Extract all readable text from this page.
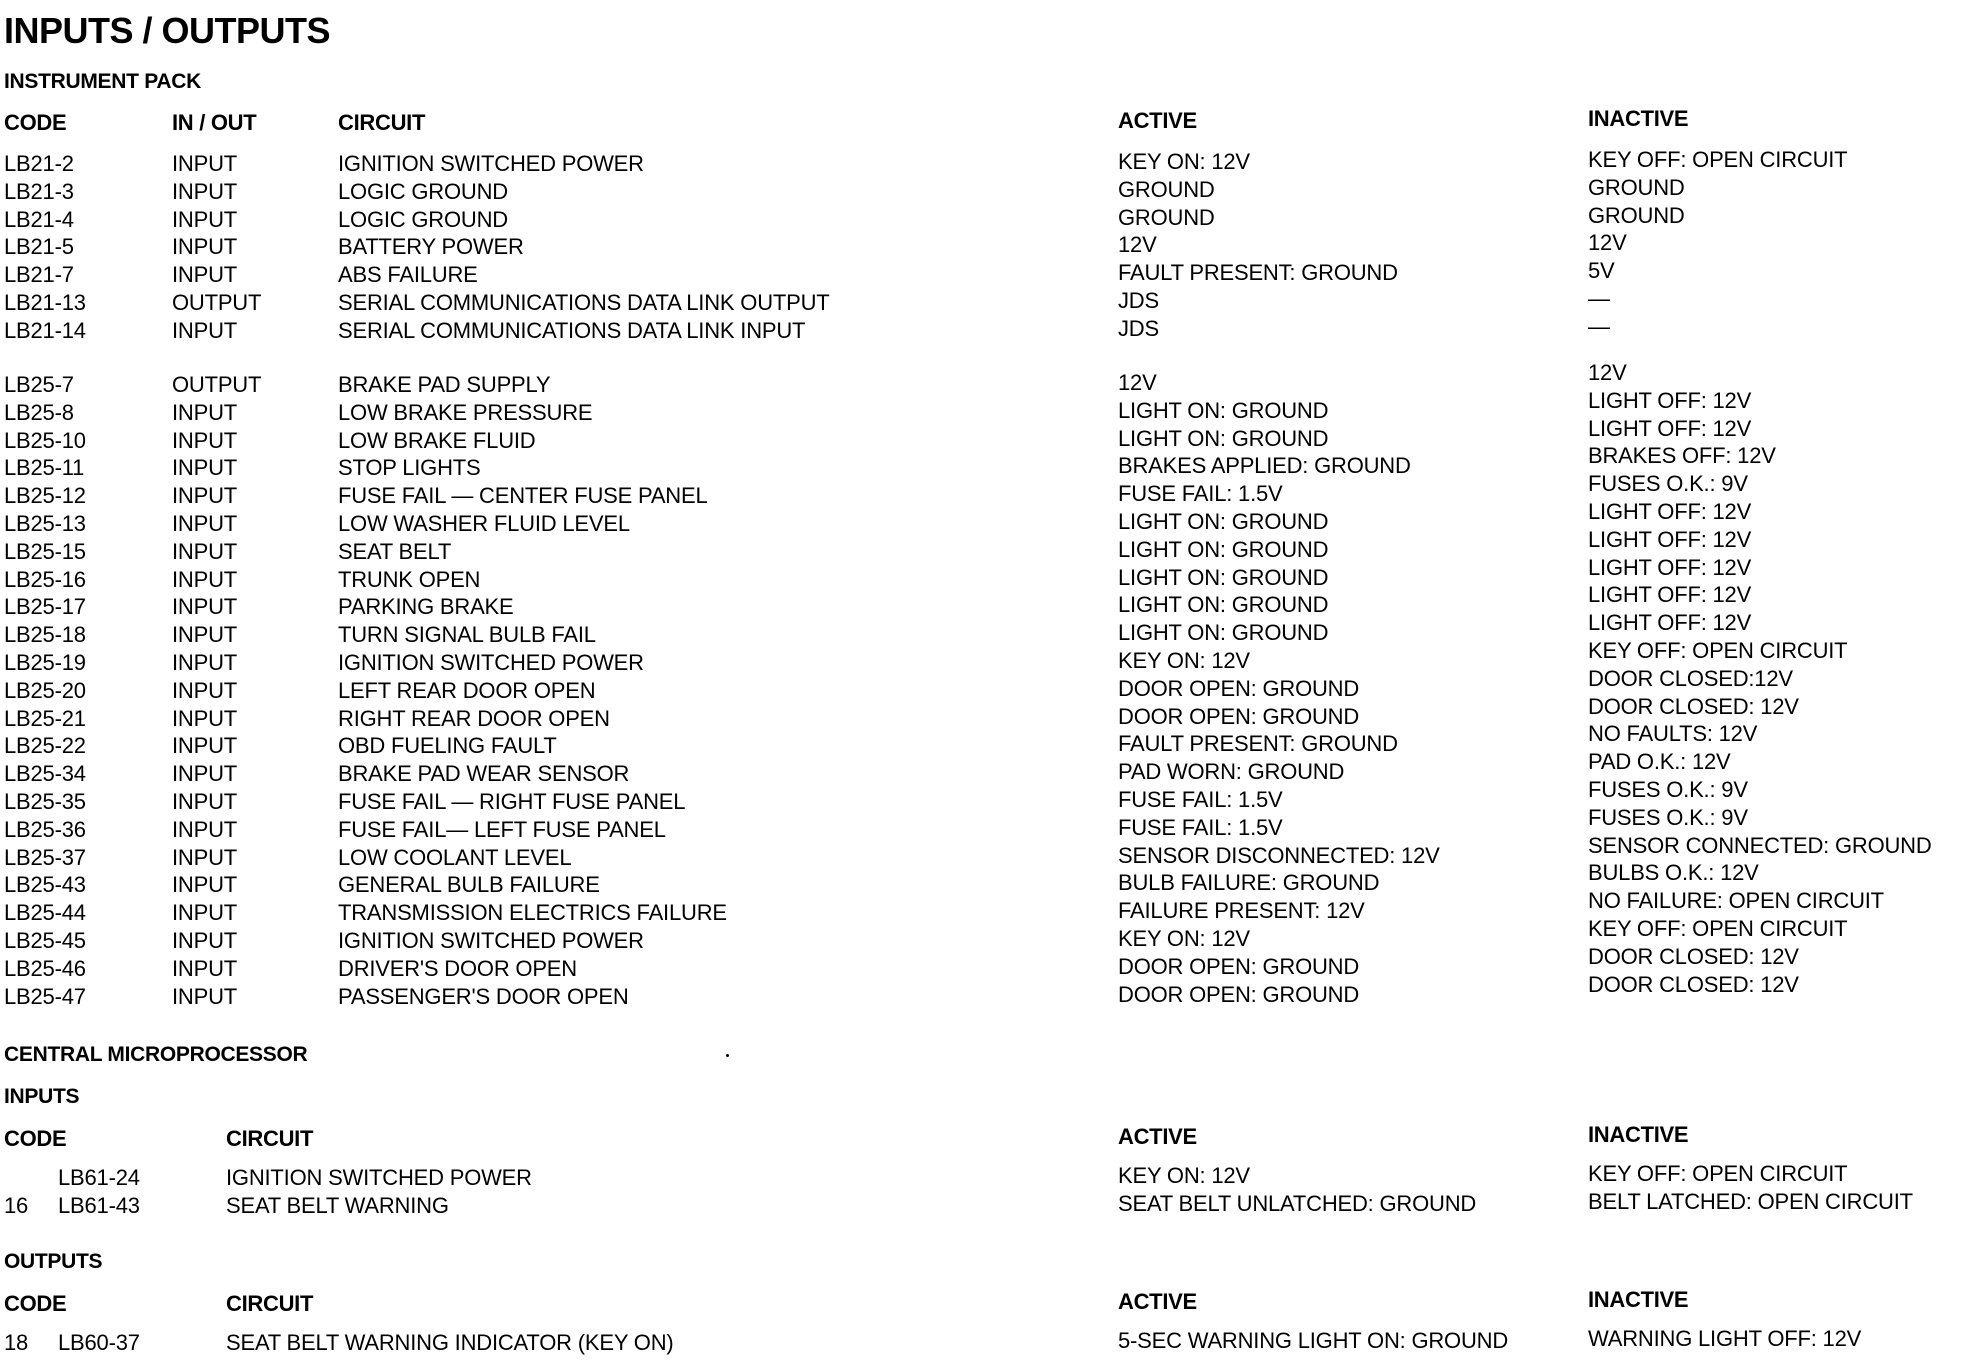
INPUTS / OUTPUTS
INSTRUMENT PACK
CODE	IN / OUT	CIRCUIT	ACTIVE	INACTIVE
LB21-2	INPUT	IGNITION SWITCHED POWER	KEY ON: 12V	KEY OFF: OPEN CIRCUIT
LB21-3	INPUT	LOGIC GROUND	GROUND	GROUND
LB21-4	INPUT	LOGIC GROUND	GROUND	GROUND
LB21-5	INPUT	BATTERY POWER	12V	12V
LB21-7	INPUT	ABS FAILURE	FAULT PRESENT: GROUND	5V
LB21-13	OUTPUT	SERIAL COMMUNICATIONS DATA LINK OUTPUT	JDS	—
LB21-14	INPUT	SERIAL COMMUNICATIONS DATA LINK INPUT	JDS	—
LB25-7	OUTPUT	BRAKE PAD SUPPLY	12V	12V
LB25-8	INPUT	LOW BRAKE PRESSURE	LIGHT ON: GROUND	LIGHT OFF: 12V
LB25-10	INPUT	LOW BRAKE FLUID	LIGHT ON: GROUND	LIGHT OFF: 12V
LB25-11	INPUT	STOP LIGHTS	BRAKES APPLIED: GROUND	BRAKES OFF: 12V
LB25-12	INPUT	FUSE FAIL — CENTER FUSE PANEL	FUSE FAIL: 1.5V	FUSES O.K.: 9V
LB25-13	INPUT	LOW WASHER FLUID LEVEL	LIGHT ON: GROUND	LIGHT OFF: 12V
LB25-15	INPUT	SEAT BELT	LIGHT ON: GROUND	LIGHT OFF: 12V
LB25-16	INPUT	TRUNK OPEN	LIGHT ON: GROUND	LIGHT OFF: 12V
LB25-17	INPUT	PARKING BRAKE	LIGHT ON: GROUND	LIGHT OFF: 12V
LB25-18	INPUT	TURN SIGNAL BULB FAIL	LIGHT ON: GROUND	LIGHT OFF: 12V
LB25-19	INPUT	IGNITION SWITCHED POWER	KEY ON: 12V	KEY OFF: OPEN CIRCUIT
LB25-20	INPUT	LEFT REAR DOOR OPEN	DOOR OPEN: GROUND	DOOR CLOSED:12V
LB25-21	INPUT	RIGHT REAR DOOR OPEN	DOOR OPEN: GROUND	DOOR CLOSED: 12V
LB25-22	INPUT	OBD FUELING FAULT	FAULT PRESENT: GROUND	NO FAULTS: 12V
LB25-34	INPUT	BRAKE PAD WEAR SENSOR	PAD WORN: GROUND	PAD O.K.: 12V
LB25-35	INPUT	FUSE FAIL — RIGHT FUSE PANEL	FUSE FAIL: 1.5V	FUSES O.K.: 9V
LB25-36	INPUT	FUSE FAIL— LEFT FUSE PANEL	FUSE FAIL: 1.5V	FUSES O.K.: 9V
LB25-37	INPUT	LOW COOLANT LEVEL	SENSOR DISCONNECTED: 12V	SENSOR CONNECTED: GROUND
LB25-43	INPUT	GENERAL BULB FAILURE	BULB FAILURE: GROUND	BULBS O.K.: 12V
LB25-44	INPUT	TRANSMISSION ELECTRICS FAILURE	FAILURE PRESENT: 12V	NO FAILURE: OPEN CIRCUIT
LB25-45	INPUT	IGNITION SWITCHED POWER	KEY ON: 12V	KEY OFF: OPEN CIRCUIT
LB25-46	INPUT	DRIVER'S DOOR OPEN	DOOR OPEN: GROUND	DOOR CLOSED: 12V
LB25-47	INPUT	PASSENGER'S DOOR OPEN	DOOR OPEN: GROUND	DOOR CLOSED: 12V
CENTRAL MICROPROCESSOR
INPUTS
CODE	CIRCUIT	ACTIVE	INACTIVE
LB61-24	IGNITION SWITCHED POWER	KEY ON: 12V	KEY OFF: OPEN CIRCUIT
16 LB61-43	SEAT BELT WARNING	SEAT BELT UNLATCHED: GROUND	BELT LATCHED: OPEN CIRCUIT
OUTPUTS
CODE	CIRCUIT	ACTIVE	INACTIVE
18 LB60-37	SEAT BELT WARNING INDICATOR (KEY ON)	5-SEC WARNING LIGHT ON: GROUND	WARNING LIGHT OFF: 12V
